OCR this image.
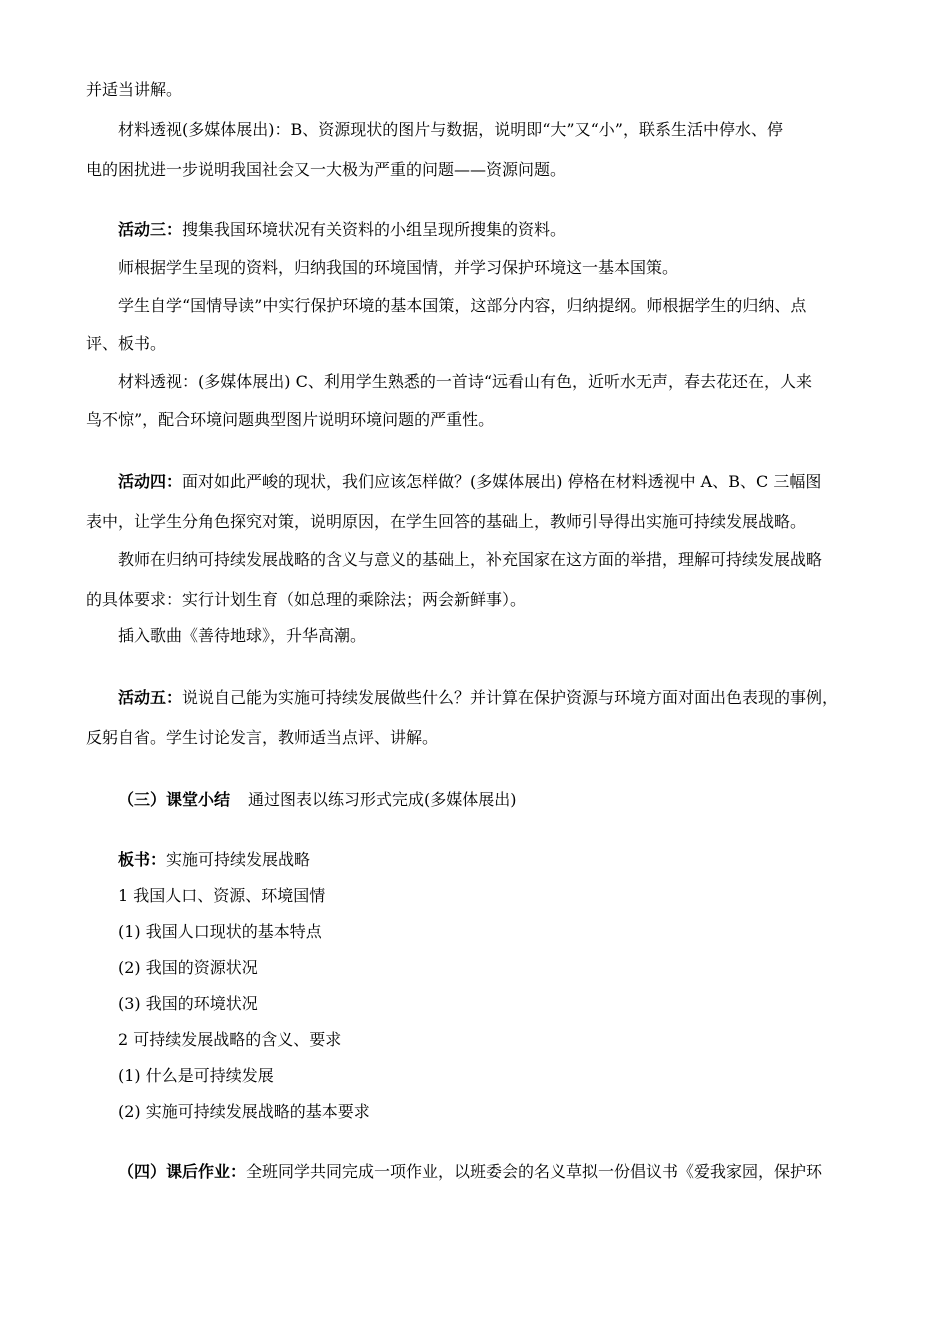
并适当讲解。
材料透视(多媒体展出)：B、资源现状的图片与数据，说明即“大”又“小”，联系生活中停水、停
电的困扰进一步说明我国社会又一大极为严重的问题——资源问题。
活动三：搜集我国环境状况有关资料的小组呈现所搜集的资料。
师根据学生呈现的资料，归纳我国的环境国情，并学习保护环境这一基本国策。
学生自学“国情导读”中实行保护环境的基本国策，这部分内容，归纳提纲。师根据学生的归纳、点
评、板书。
材料透视：(多媒体展出) C、利用学生熟悉的一首诗“远看山有色，近听水无声，春去花还在，人来
鸟不惊”，配合环境问题典型图片说明环境问题的严重性。
活动四：面对如此严峻的现状，我们应该怎样做？(多媒体展出) 停格在材料透视中 A、B、C 三幅图
表中，让学生分角色探究对策，说明原因，在学生回答的基础上，教师引导得出实施可持续发展战略。
教师在归纳可持续发展战略的含义与意义的基础上，补充国家在这方面的举措，理解可持续发展战略
的具体要求：实行计划生育（如总理的乘除法；两会新鲜事）。
插入歌曲《善待地球》，升华高潮。
活动五：说说自己能为实施可持续发展做些什么？并计算在保护资源与环境方面对面出色表现的事例，
反躬自省。学生讨论发言，教师适当点评、讲解。
（三）课堂小结 通过图表以练习形式完成(多媒体展出)
板书：实施可持续发展战略
1 我国人口、资源、环境国情
(1) 我国人口现状的基本特点
(2) 我国的资源状况
(3) 我国的环境状况
2 可持续发展战略的含义、要求
(1) 什么是可持续发展
(2) 实施可持续发展战略的基本要求
（四）课后作业：全班同学共同完成一项作业，以班委会的名义草拟一份倡议书《爱我家园，保护环
